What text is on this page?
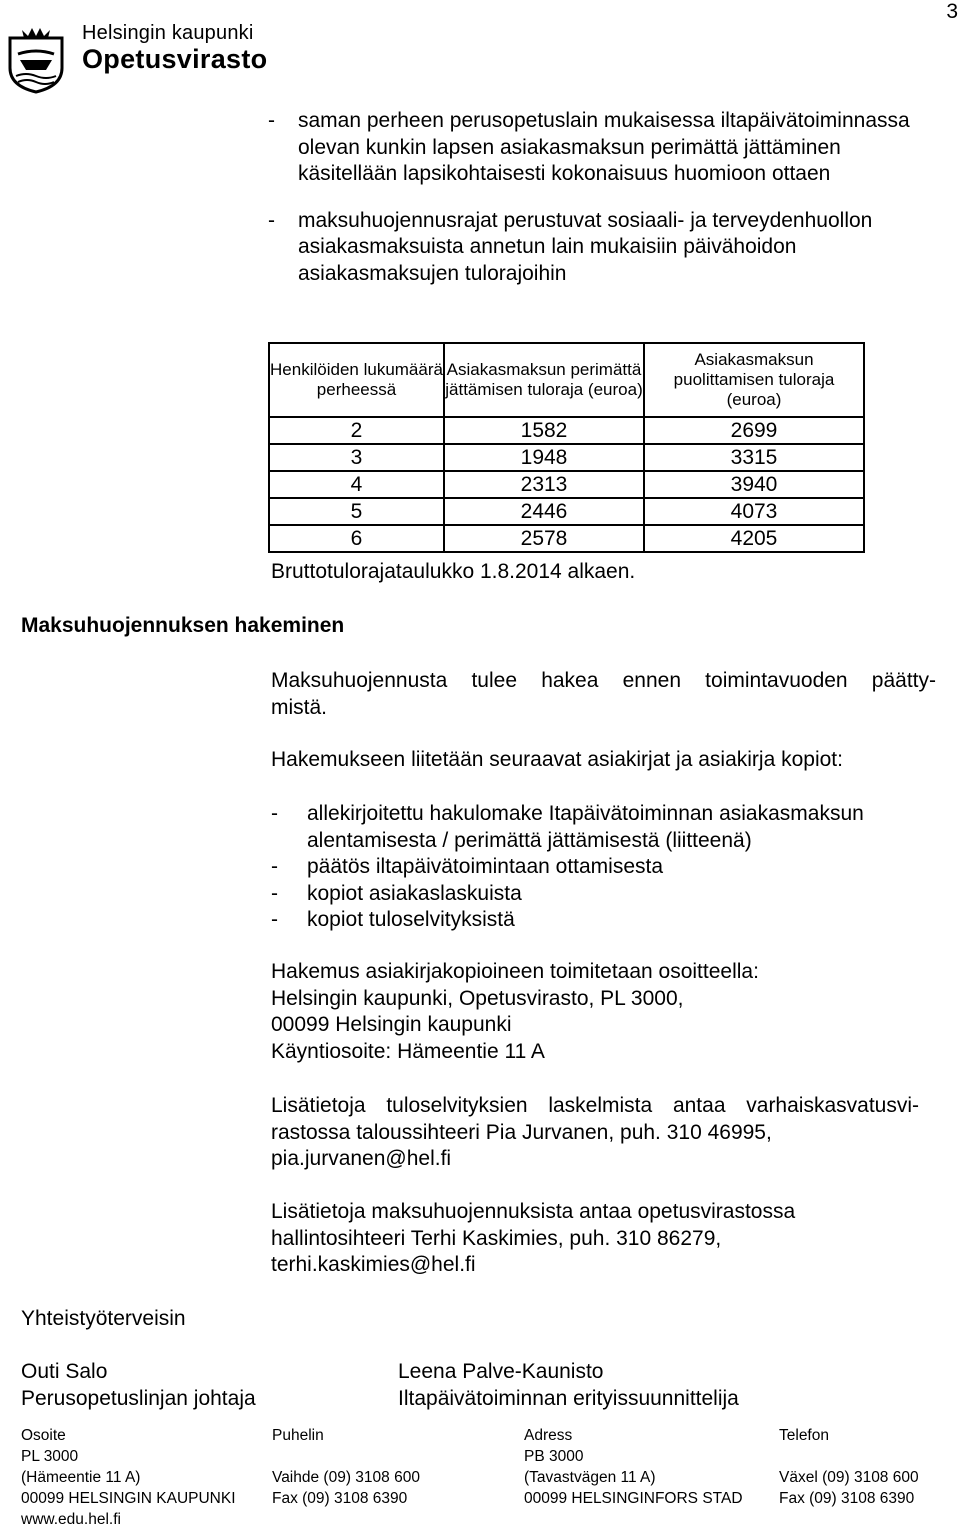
Helsingin kaupunki
Opetusvirasto
3
- saman perheen perusopetuslain mukaisessa iltapäivätoiminnassa olevan kunkin lapsen asiakasmaksun perimättä jättäminen käsitellään lapsikohtaisesti kokonaisuus huomioon ottaen
- maksuhuojennusrajat perustuvat sosiaali- ja terveydenhuollon asiakasmaksuista annetun lain mukaisiin päivähoidon asiakasmaksujen tulorajoihin
Henkilöiden lukumäärä perheessä	Asiakasmaksun perimättä jättämisen tuloraja (euroa)	Asiakasmaksun puolittamisen tuloraja (euroa)
2	1582	2699
3	1948	3315
4	2313	3940
5	2446	4073
6	2578	4205
Bruttotulorajataulukko 1.8.2014 alkaen.
Maksuhuojennuksen hakeminen
Maksuhuojennusta tulee hakea ennen toimintavuoden päätty-
mistä.
Hakemukseen liitetään seuraavat asiakirjat ja asiakirja kopiot:
- allekirjoitettu hakulomake Itapäivätoiminnan asiakasmaksun alentamisesta / perimättä jättämisestä (liitteenä)
- päätös iltapäivätoimintaan ottamisesta
- kopiot asiakaslaskuista
- kopiot tuloselvityksistä
Hakemus asiakirjakopioineen toimitetaan osoitteella:
Helsingin kaupunki, Opetusvirasto, PL 3000,
00099 Helsingin kaupunki
Käyntiosoite: Hämeentie 11 A
Lisätietoja tuloselvityksien laskelmista antaa varhaiskasvatusvi-
rastossa taloussihteeri Pia Jurvanen, puh. 310 46995,
pia.jurvanen@hel.fi
Lisätietoja maksuhuojennuksista antaa opetusvirastossa
hallintosihteeri Terhi Kaskimies, puh. 310 86279,
terhi.kaskimies@hel.fi
Yhteistyöterveisin
Outi Salo
Perusopetuslinjan johtaja
Leena Palve-Kaunisto
Iltapäivätoiminnan erityissuunnittelija
Osoite
PL 3000
(Hämeentie 11 A)
00099 HELSINGIN KAUPUNKI
www.edu.hel.fi
Puhelin
Vaihde (09) 3108 600
Fax (09) 3108 6390
Adress
PB 3000
(Tavastvägen 11 A)
00099 HELSINGINFORS STAD
Telefon
Växel (09) 3108 600
Fax (09) 3108 6390
